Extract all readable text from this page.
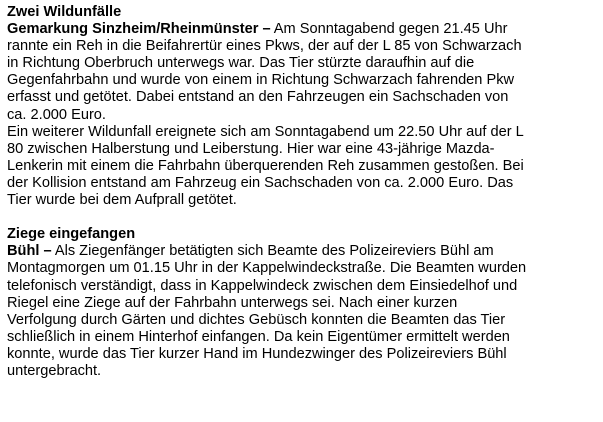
Zwei Wildunfälle
Gemarkung Sinzheim/Rheinmünster – Am Sonntagabend gegen 21.45 Uhr
rannte ein Reh in die Beifahrertür eines Pkws, der auf der L 85 von Schwarzach
in Richtung Oberbruch unterwegs war. Das Tier stürzte daraufhin auf die
Gegenfahrbahn und wurde von einem in Richtung Schwarzach fahrenden Pkw
erfasst und getötet. Dabei entstand an den Fahrzeugen ein Sachschaden von
ca. 2.000 Euro.
Ein weiterer Wildunfall ereignete sich am Sonntagabend um 22.50 Uhr auf der L
80 zwischen Halberstung und Leiberstung. Hier war eine 43-jährige Mazda-
Lenkerin mit einem die Fahrbahn überquerenden Reh zusammen gestoßen. Bei
der Kollision entstand am Fahrzeug ein Sachschaden von ca. 2.000 Euro. Das
Tier wurde bei dem Aufprall getötet.
Ziege eingefangen
Bühl – Als Ziegenfänger betätigten sich Beamte des Polizeireviers Bühl am
Montagmorgen um 01.15 Uhr in der Kappelwindeckstraße. Die Beamten wurden
telefonisch verständigt, dass in Kappelwindeck zwischen dem Einsiedelhof und
Riegel eine Ziege auf der Fahrbahn unterwegs sei. Nach einer kurzen
Verfolgung durch Gärten und dichtes Gebüsch konnten die Beamten das Tier
schließlich in einem Hinterhof einfangen. Da kein Eigentümer ermittelt werden
konnte, wurde das Tier kurzer Hand im Hundezwinger des Polizeireviers Bühl
untergebracht.
